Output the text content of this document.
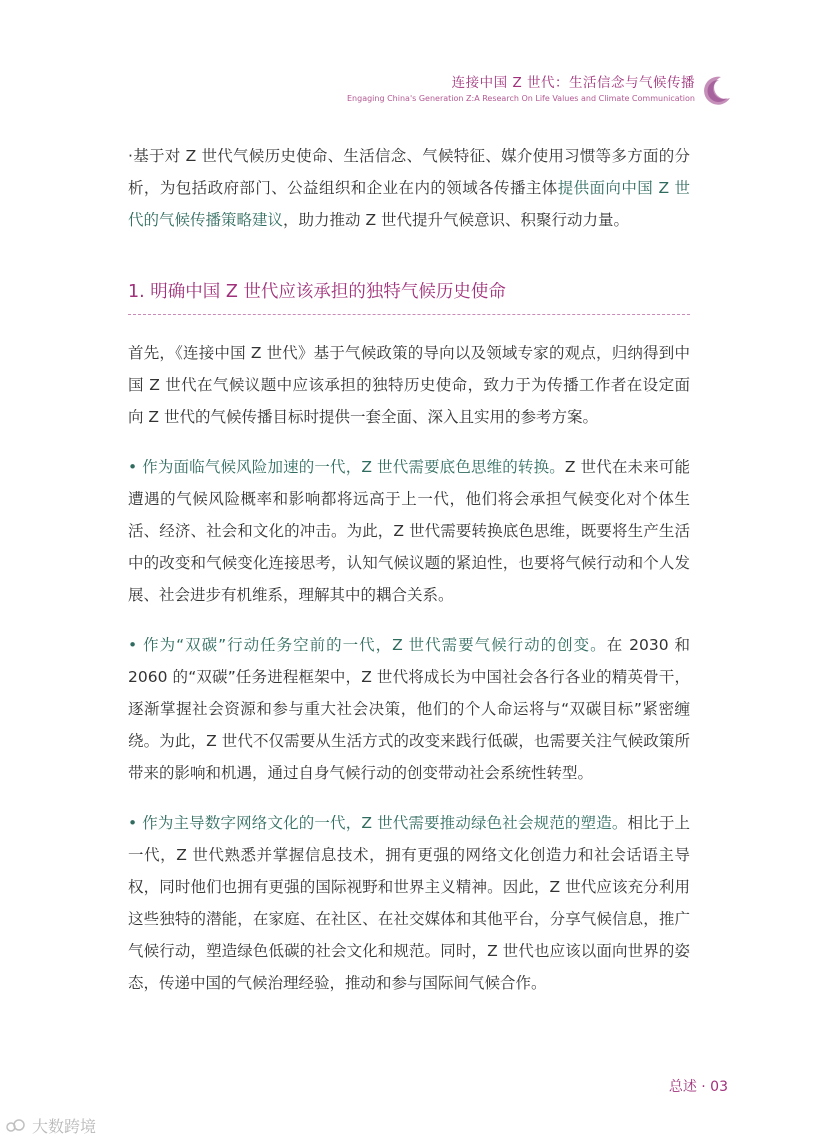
连接中国 Z 世代：生活信念与气候传播
Engaging China's Generation Z:A Research On Life Values and Climate Communication

·基于对 Z 世代气候历史使命、生活信念、气候特征、媒介使用习惯等多方面的分析，为包括政府部门、公益组织和企业在内的领域各传播主体提供面向中国 Z 世代的气候传播策略建议，助力推动 Z 世代提升气候意识、积聚行动力量。

1. 明确中国 Z 世代应该承担的独特气候历史使命

首先，《连接中国 Z 世代》基于气候政策的导向以及领域专家的观点，归纳得到中国 Z 世代在气候议题中应该承担的独特历史使命，致力于为传播工作者在设定面向 Z 世代的气候传播目标时提供一套全面、深入且实用的参考方案。

• 作为面临气候风险加速的一代，Z 世代需要底色思维的转换。Z 世代在未来可能遭遇的气候风险概率和影响都将远高于上一代，他们将会承担气候变化对个体生活、经济、社会和文化的冲击。为此，Z 世代需要转换底色思维，既要将生产生活中的改变和气候变化连接思考，认知气候议题的紧迫性，也要将气候行动和个人发展、社会进步有机维系，理解其中的耦合关系。

• 作为“双碳”行动任务空前的一代，Z 世代需要气候行动的创变。在 2030 和 2060 的“双碳”任务进程框架中，Z 世代将成长为中国社会各行各业的精英骨干，逐渐掌握社会资源和参与重大社会决策，他们的个人命运将与“双碳目标”紧密缠绕。为此，Z 世代不仅需要从生活方式的改变来践行低碳，也需要关注气候政策所带来的影响和机遇，通过自身气候行动的创变带动社会系统性转型。

• 作为主导数字网络文化的一代，Z 世代需要推动绿色社会规范的塑造。相比于上一代，Z 世代熟悉并掌握信息技术，拥有更强的网络文化创造力和社会话语主导权，同时他们也拥有更强的国际视野和世界主义精神。因此，Z 世代应该充分利用这些独特的潜能，在家庭、在社区、在社交媒体和其他平台，分享气候信息，推广气候行动，塑造绿色低碳的社会文化和规范。同时，Z 世代也应该以面向世界的姿态，传递中国的气候治理经验，推动和参与国际间气候合作。

总述 · 03
大数跨境
